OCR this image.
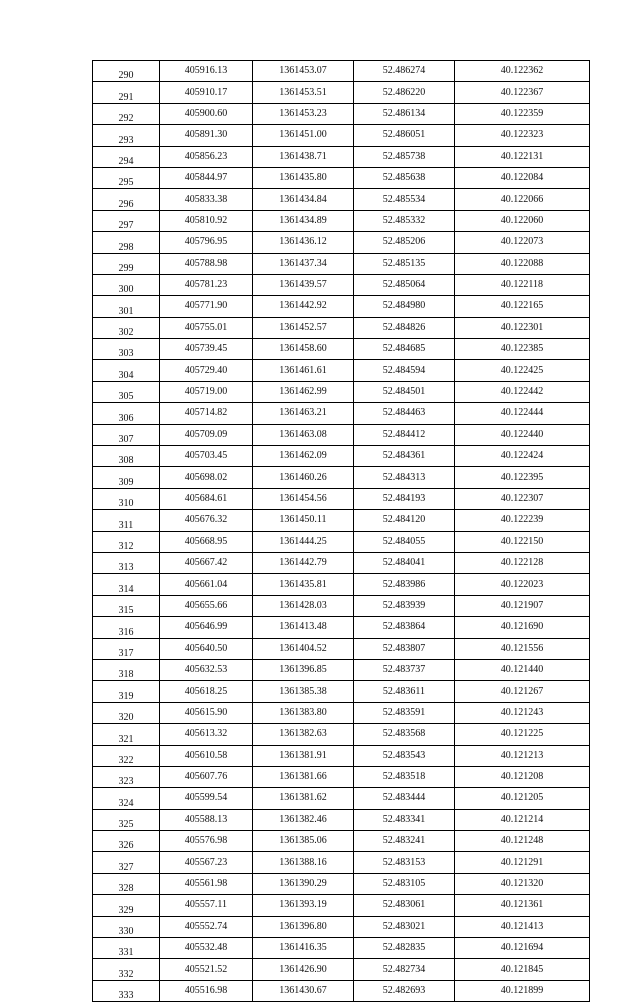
290	405916.13	1361453.07	52.486274	40.122362
291	405910.17	1361453.51	52.486220	40.122367
292	405900.60	1361453.23	52.486134	40.122359
293	405891.30	1361451.00	52.486051	40.122323
294	405856.23	1361438.71	52.485738	40.122131
295	405844.97	1361435.80	52.485638	40.122084
296	405833.38	1361434.84	52.485534	40.122066
297	405810.92	1361434.89	52.485332	40.122060
298	405796.95	1361436.12	52.485206	40.122073
299	405788.98	1361437.34	52.485135	40.122088
300	405781.23	1361439.57	52.485064	40.122118
301	405771.90	1361442.92	52.484980	40.122165
302	405755.01	1361452.57	52.484826	40.122301
303	405739.45	1361458.60	52.484685	40.122385
304	405729.40	1361461.61	52.484594	40.122425
305	405719.00	1361462.99	52.484501	40.122442
306	405714.82	1361463.21	52.484463	40.122444
307	405709.09	1361463.08	52.484412	40.122440
308	405703.45	1361462.09	52.484361	40.122424
309	405698.02	1361460.26	52.484313	40.122395
310	405684.61	1361454.56	52.484193	40.122307
311	405676.32	1361450.11	52.484120	40.122239
312	405668.95	1361444.25	52.484055	40.122150
313	405667.42	1361442.79	52.484041	40.122128
314	405661.04	1361435.81	52.483986	40.122023
315	405655.66	1361428.03	52.483939	40.121907
316	405646.99	1361413.48	52.483864	40.121690
317	405640.50	1361404.52	52.483807	40.121556
318	405632.53	1361396.85	52.483737	40.121440
319	405618.25	1361385.38	52.483611	40.121267
320	405615.90	1361383.80	52.483591	40.121243
321	405613.32	1361382.63	52.483568	40.121225
322	405610.58	1361381.91	52.483543	40.121213
323	405607.76	1361381.66	52.483518	40.121208
324	405599.54	1361381.62	52.483444	40.121205
325	405588.13	1361382.46	52.483341	40.121214
326	405576.98	1361385.06	52.483241	40.121248
327	405567.23	1361388.16	52.483153	40.121291
328	405561.98	1361390.29	52.483105	40.121320
329	405557.11	1361393.19	52.483061	40.121361
330	405552.74	1361396.80	52.483021	40.121413
331	405532.48	1361416.35	52.482835	40.121694
332	405521.52	1361426.90	52.482734	40.121845
333	405516.98	1361430.67	52.482693	40.121899
